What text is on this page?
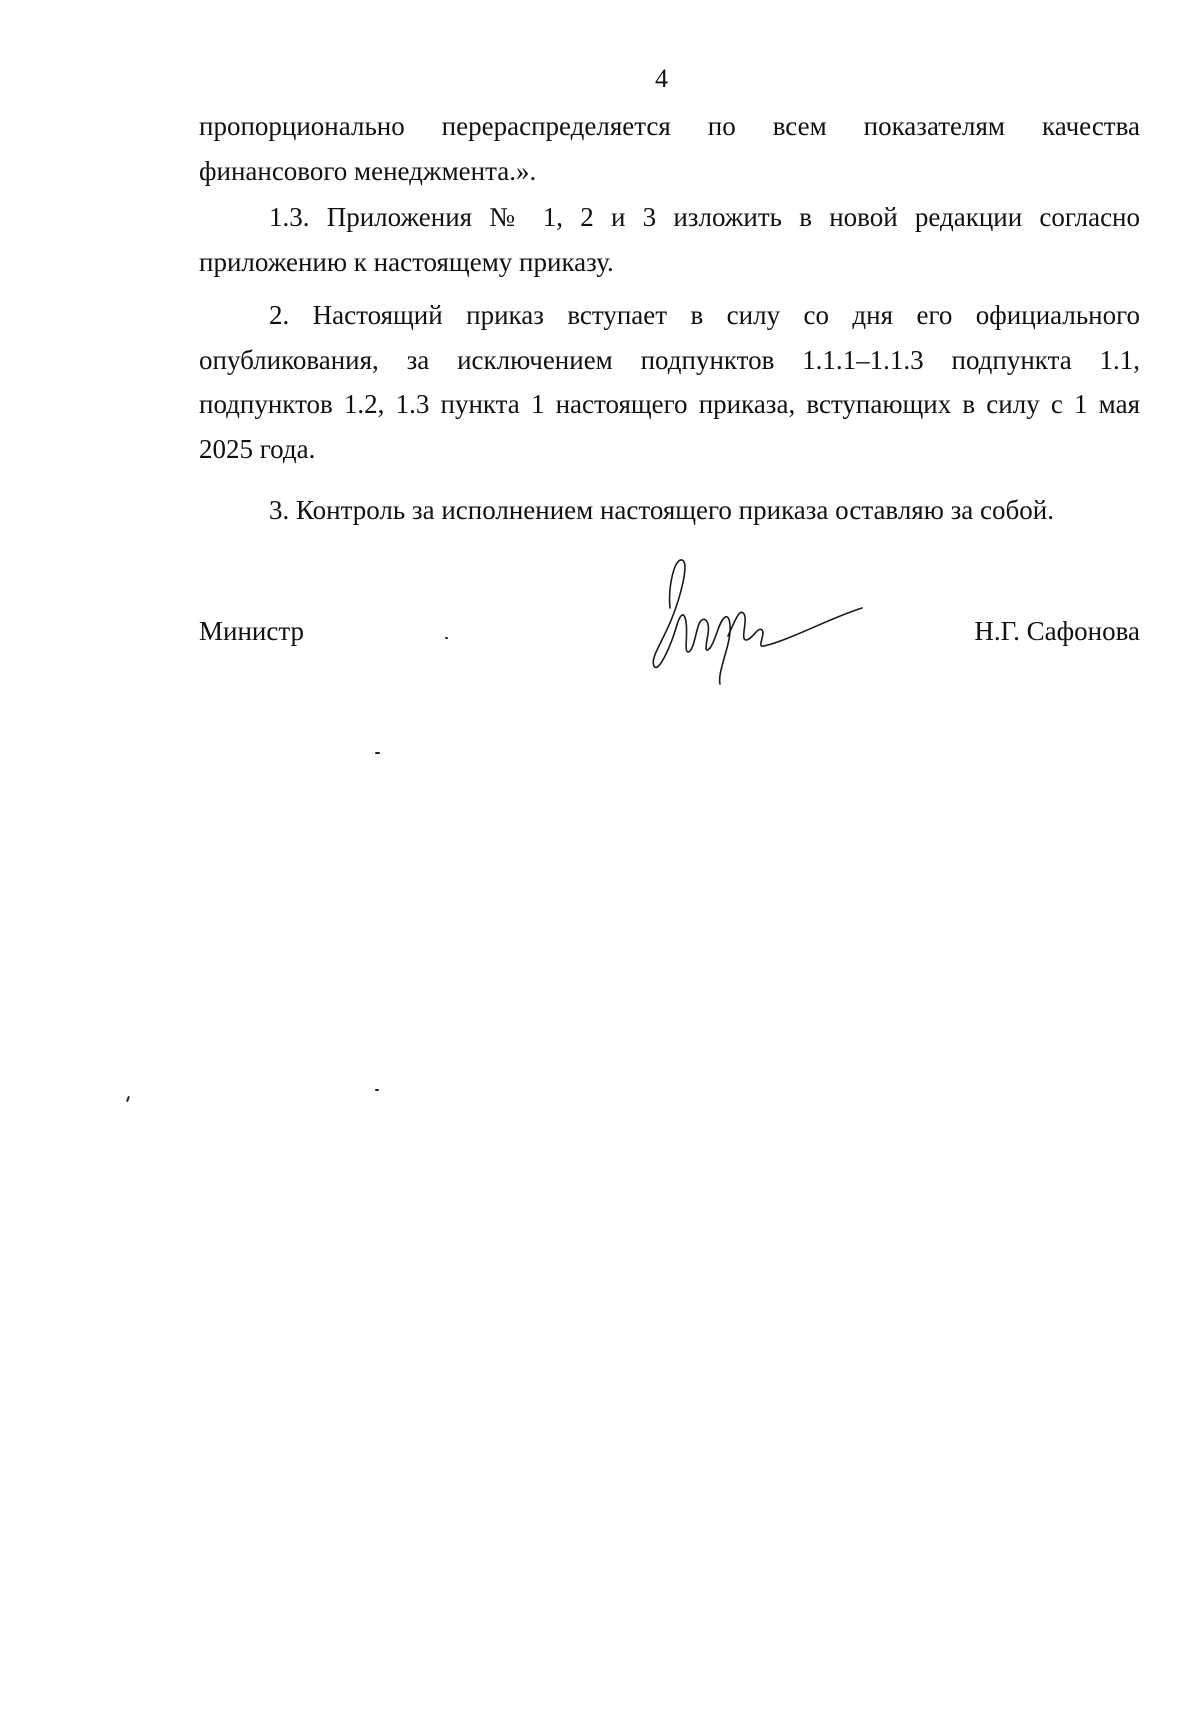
4

пропорционально перераспределяется по всем показателям качества финансового менеджмента.».

1.3. Приложения № 1, 2 и 3 изложить в новой редакции согласно приложению к настоящему приказу.

2. Настоящий приказ вступает в силу со дня его официального опубликования, за исключением подпунктов 1.1.1–1.1.3 подпункта 1.1, подпунктов 1.2, 1.3 пункта 1 настоящего приказа, вступающих в силу с 1 мая 2025 года.

3. Контроль за исполнением настоящего приказа оставляю за собой.

Министр	Н.Г. Сафонова
